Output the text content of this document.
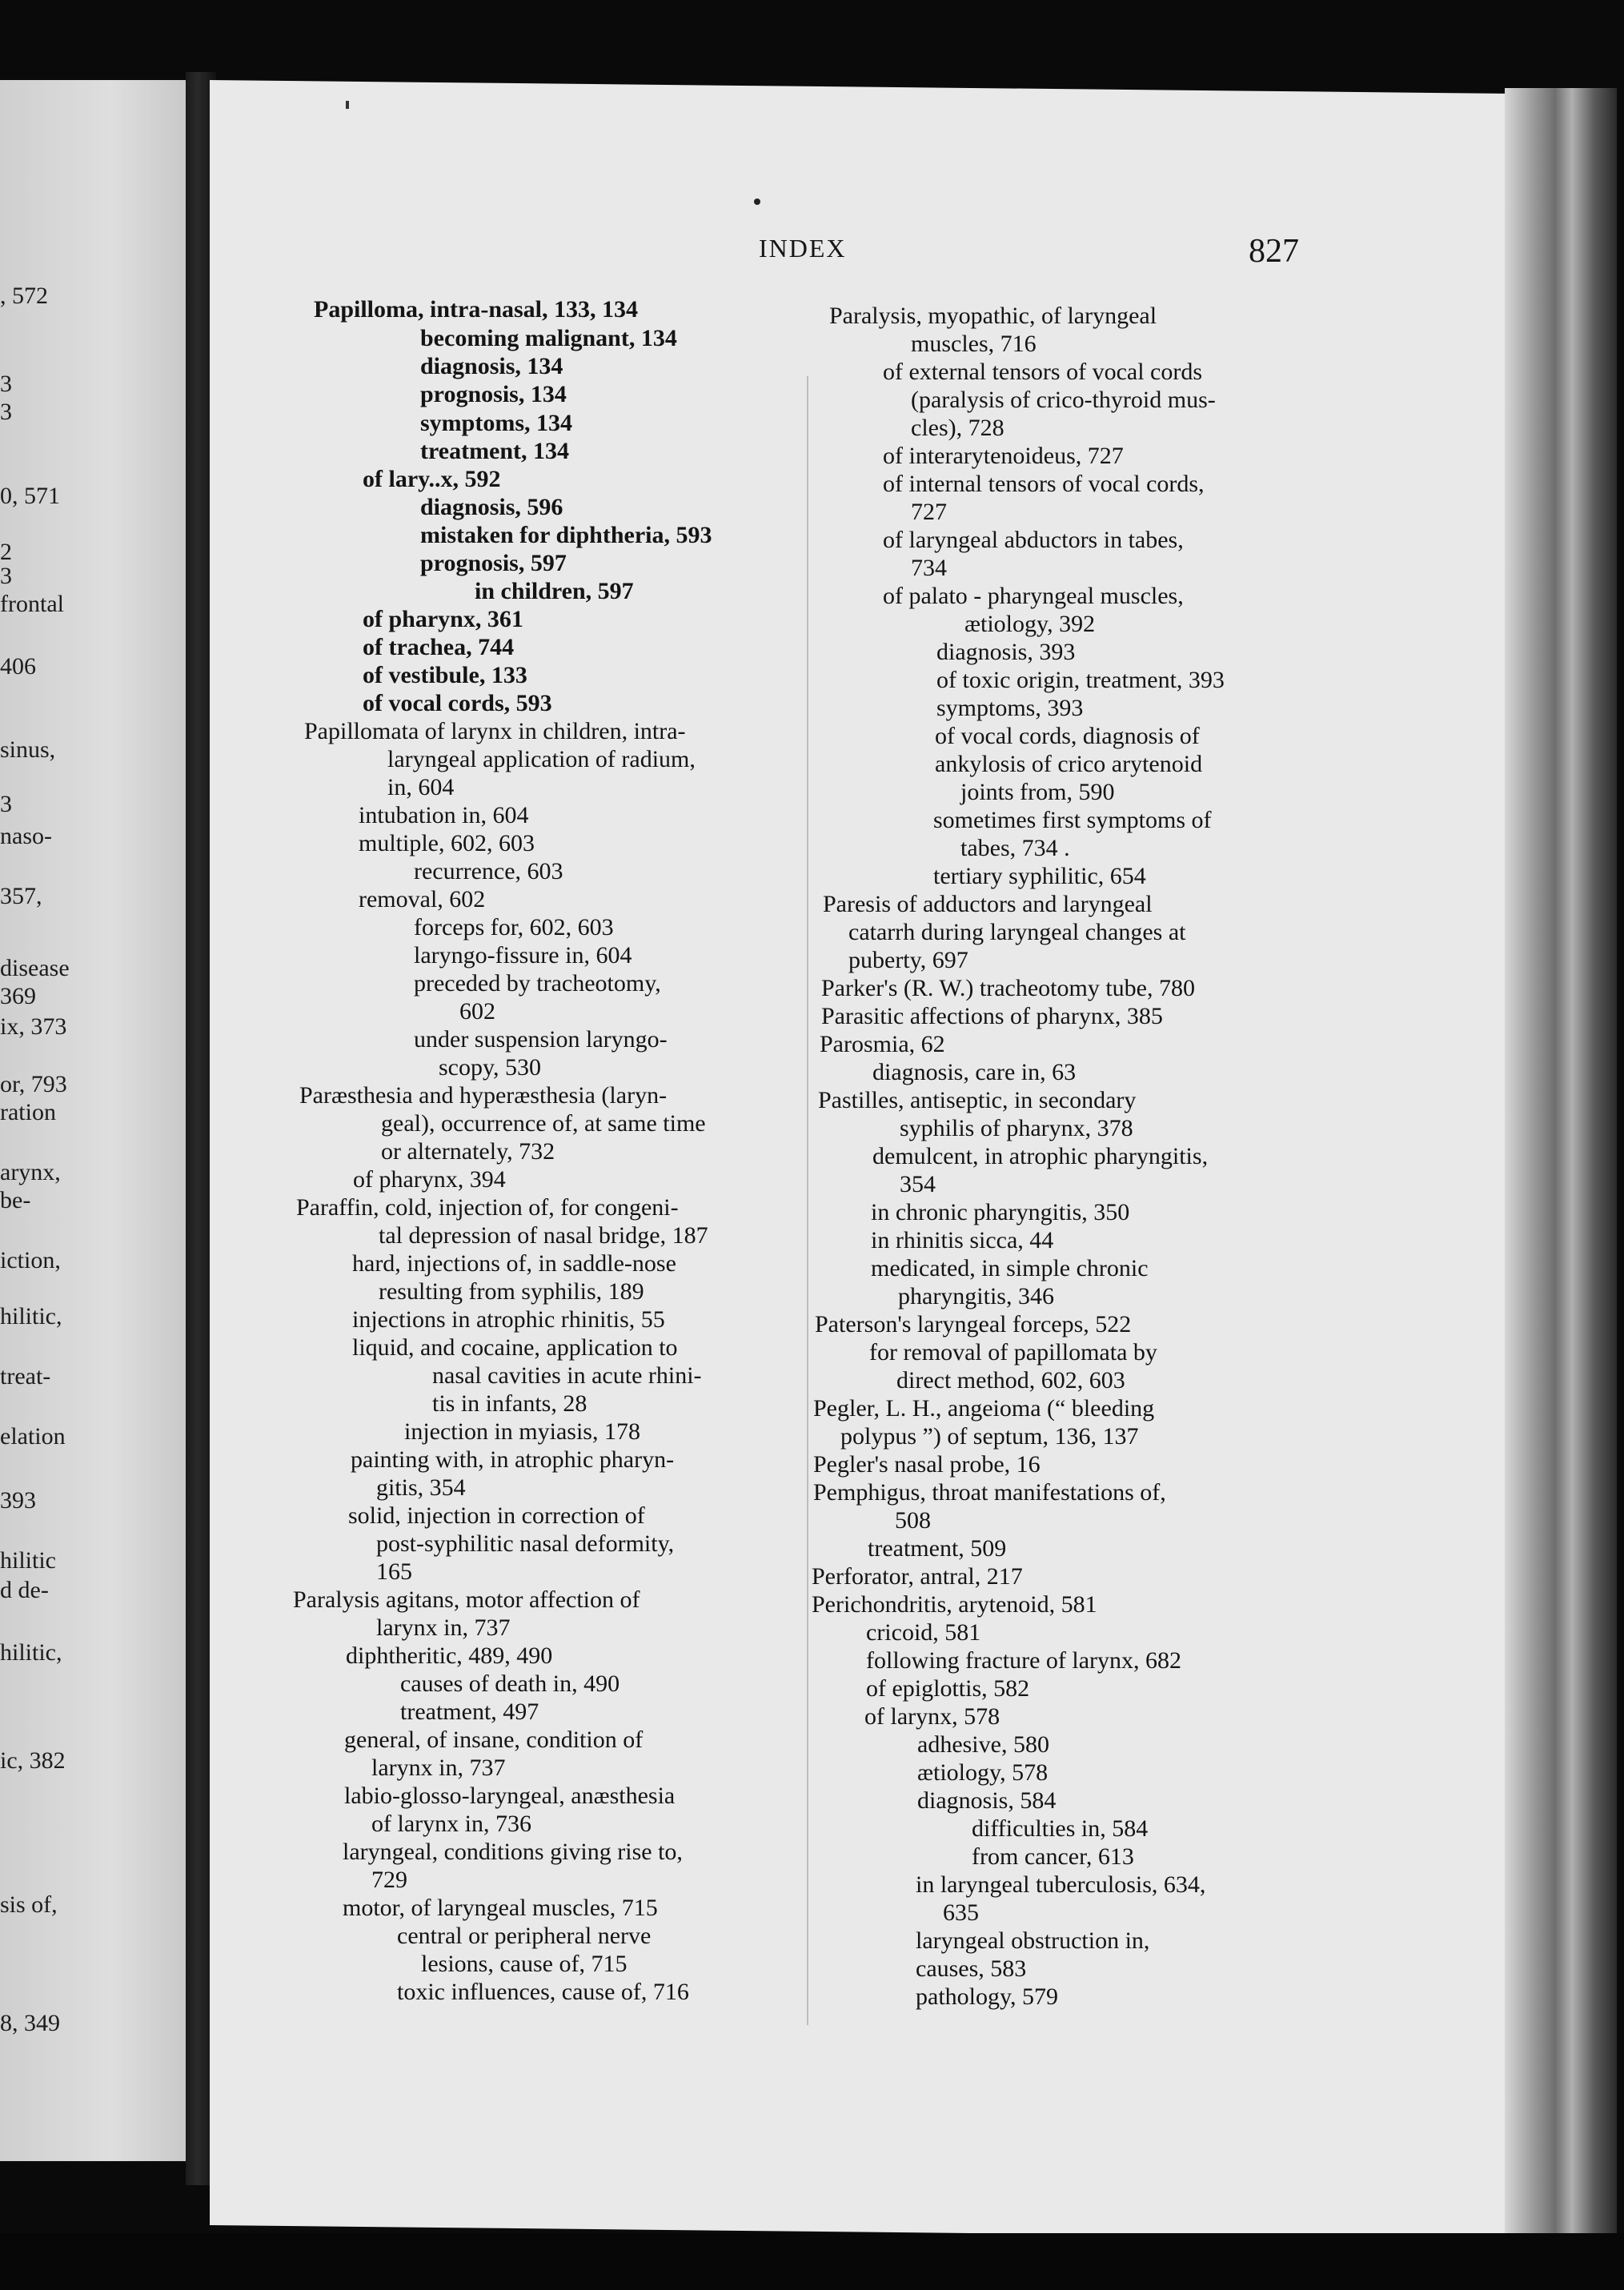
, 572
3
3
0, 571
2
3
frontal
406
sinus,
3
naso-
357,
disease
369
ix, 373
or, 793
ration
arynx,
be-
iction,
hilitic,
treat-
elation
393
hilitic
d de-
hilitic,
ic, 382
sis of,
8, 349
INDEX	827
Papilloma, intra-nasal, 133, 134
becoming malignant, 134
diagnosis, 134
prognosis, 134
symptoms, 134
treatment, 134
of lary..x, 592
diagnosis, 596
mistaken for diphtheria, 593
prognosis, 597
in children, 597
of pharynx, 361
of trachea, 744
of vestibule, 133
of vocal cords, 593
Papillomata of larynx in children, intra-
laryngeal application of radium,
in, 604
intubation in, 604
multiple, 602, 603
recurrence, 603
removal, 602
forceps for, 602, 603
laryngo-fissure in, 604
preceded by tracheotomy,
602
under suspension laryngo-
scopy, 530
Paræsthesia and hyperæsthesia (laryn-
geal), occurrence of, at same time
or alternately, 732
of pharynx, 394
Paraffin, cold, injection of, for congeni-
tal depression of nasal bridge, 187
hard, injections of, in saddle-nose
resulting from syphilis, 189
injections in atrophic rhinitis, 55
liquid, and cocaine, application to
nasal cavities in acute rhini-
tis in infants, 28
injection in myiasis, 178
painting with, in atrophic pharyn-
gitis, 354
solid, injection in correction of
post-syphilitic nasal deformity,
165
Paralysis agitans, motor affection of
larynx in, 737
diphtheritic, 489, 490
causes of death in, 490
treatment, 497
general, of insane, condition of
larynx in, 737
labio-glosso-laryngeal, anæsthesia
of larynx in, 736
laryngeal, conditions giving rise to,
729
motor, of laryngeal muscles, 715
central or peripheral nerve
lesions, cause of, 715
toxic influences, cause of, 716
Paralysis, myopathic, of laryngeal
muscles, 716
of external tensors of vocal cords
(paralysis of crico-thyroid mus-
cles), 728
of interarytenoideus, 727
of internal tensors of vocal cords,
727
of laryngeal abductors in tabes,
734
of palato - pharyngeal muscles,
ætiology, 392
diagnosis, 393
of toxic origin, treatment, 393
symptoms, 393
of vocal cords, diagnosis of
ankylosis of crico arytenoid
joints from, 590
sometimes first symptoms of
tabes, 734 .
tertiary syphilitic, 654
Paresis of adductors and laryngeal
catarrh during laryngeal changes at
puberty, 697
Parker's (R. W.) tracheotomy tube, 780
Parasitic affections of pharynx, 385
Parosmia, 62
diagnosis, care in, 63
Pastilles, antiseptic, in secondary
syphilis of pharynx, 378
demulcent, in atrophic pharyngitis,
354
in chronic pharyngitis, 350
in rhinitis sicca, 44
medicated, in simple chronic
pharyngitis, 346
Paterson's laryngeal forceps, 522
for removal of papillomata by
direct method, 602, 603
Pegler, L. H., angeioma (“ bleeding
polypus ”) of septum, 136, 137
Pegler's nasal probe, 16
Pemphigus, throat manifestations of,
508
treatment, 509
Perforator, antral, 217
Perichondritis, arytenoid, 581
cricoid, 581
following fracture of larynx, 682
of epiglottis, 582
of larynx, 578
adhesive, 580
ætiology, 578
diagnosis, 584
difficulties in, 584
from cancer, 613
in laryngeal tuberculosis, 634,
635
laryngeal obstruction in,
causes, 583
pathology, 579
